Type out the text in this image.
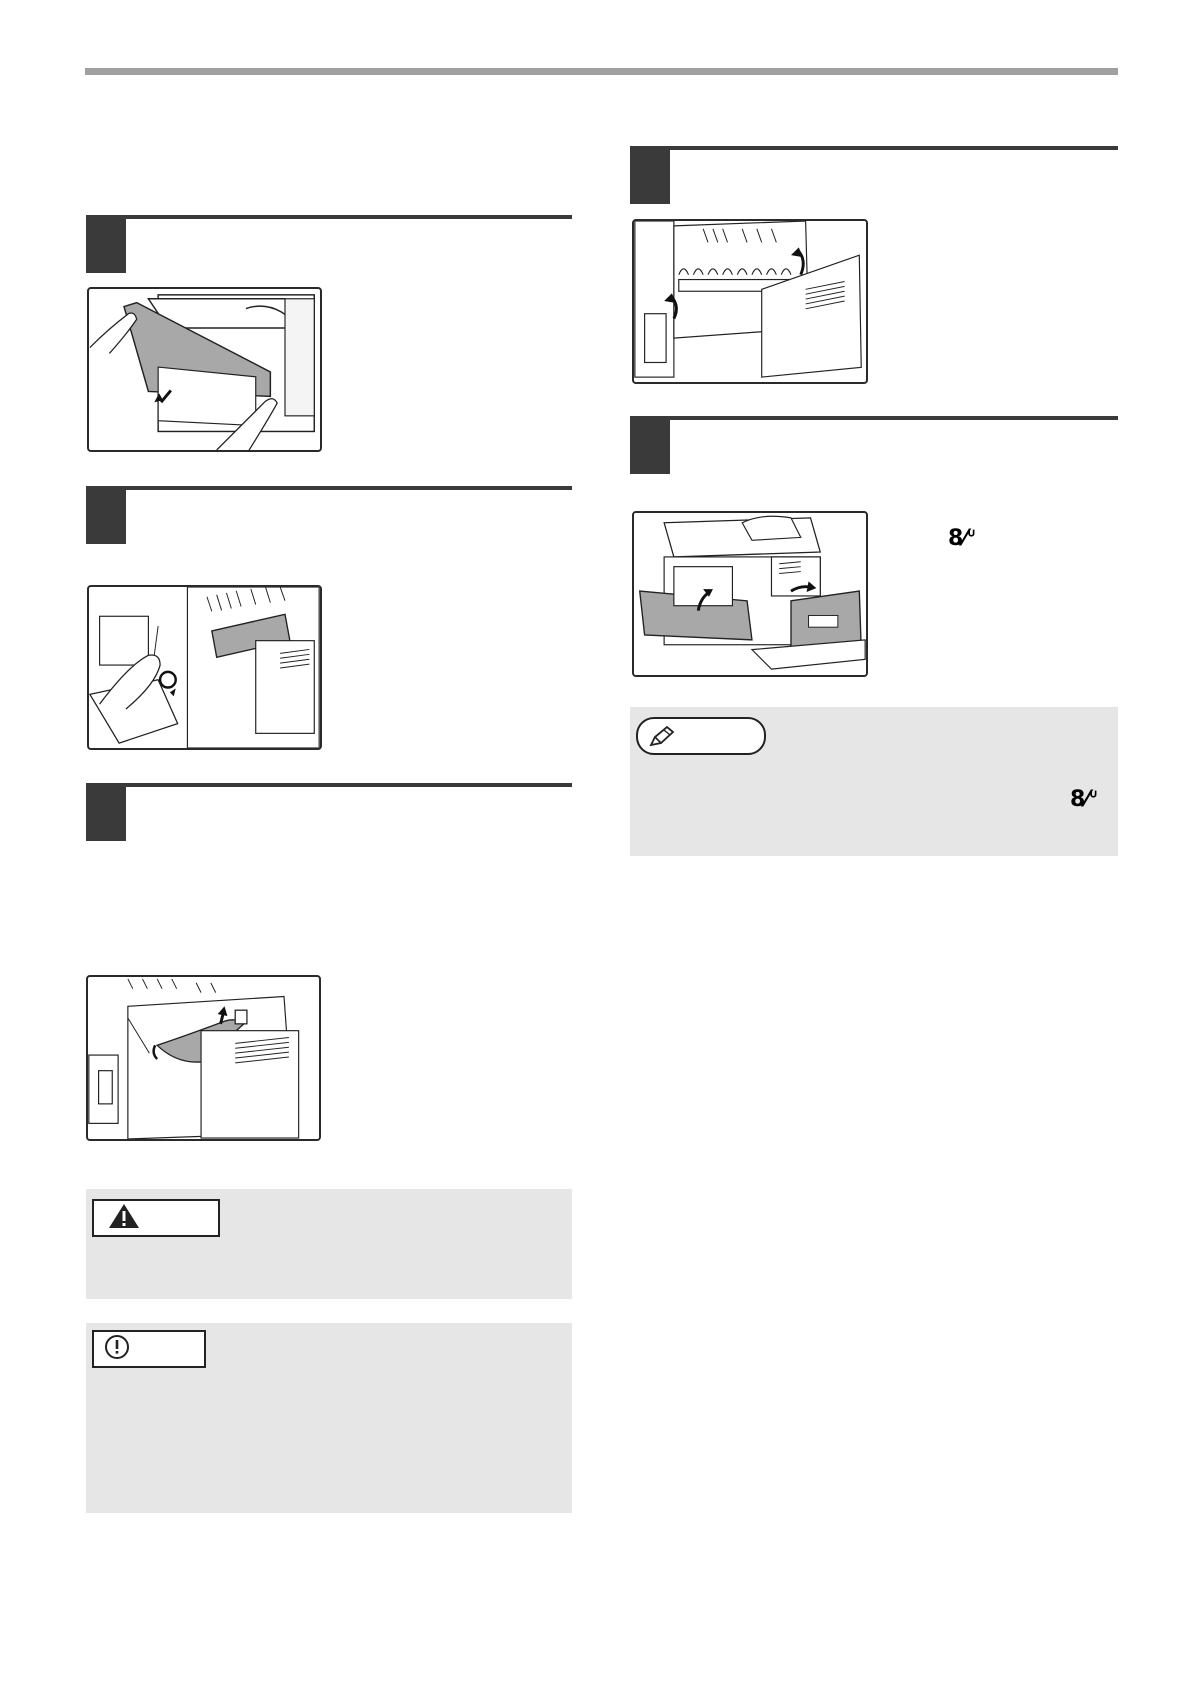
8⁄ᐡ
8⁄ᐡ
